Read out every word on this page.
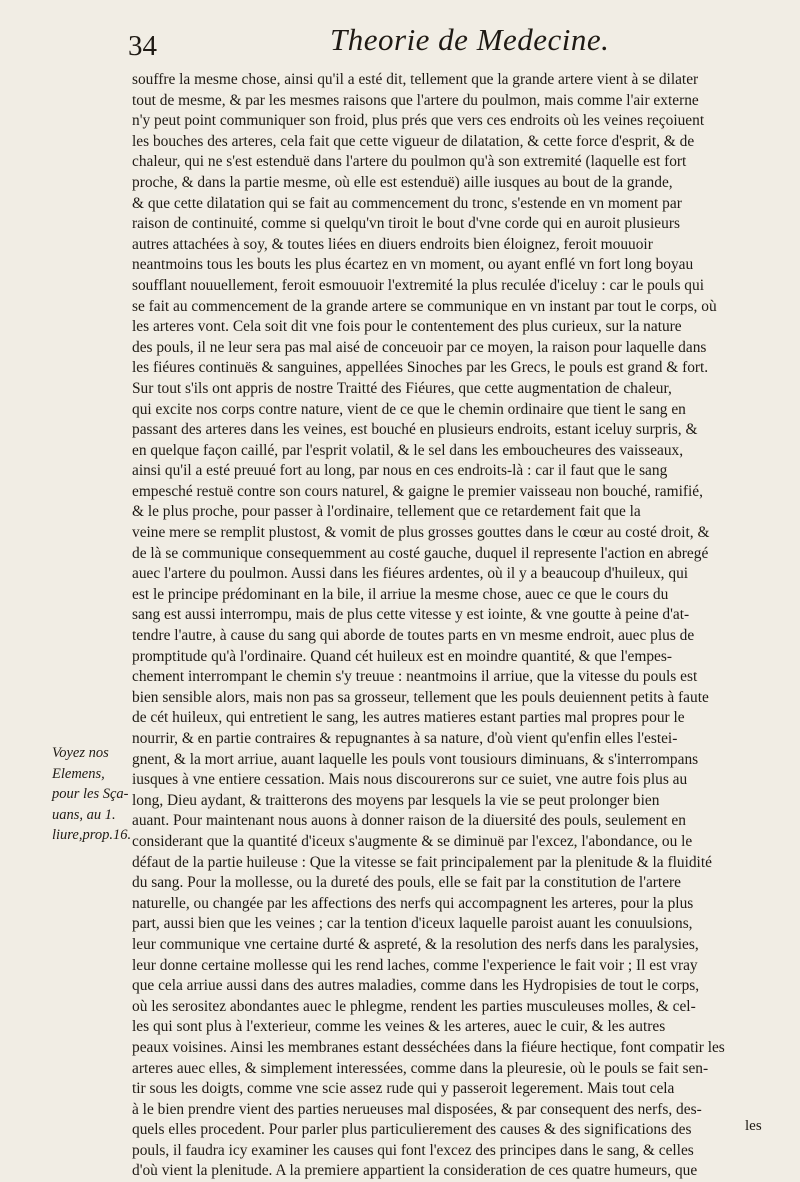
34	Theorie de Medecine.
souffre la mesme chose, ainsi qu'il a esté dit, tellement que la grande artere vient à se dilater
tout de mesme, & par les mesmes raisons que l'artere du poulmon, mais comme l'air externe
n'y peut point communiquer son froid, plus prés que vers ces endroits où les veines reçoiuent
les bouches des arteres, cela fait que cette vigueur de dilatation, & cette force d'esprit, & de
chaleur, qui ne s'est estenduë dans l'artere du poulmon qu'à son extremité (laquelle est fort
proche, & dans la partie mesme, où elle est estenduë) aille iusques au bout de la grande,
& que cette dilatation qui se fait au commencement du tronc, s'estende en vn moment par
raison de continuité, comme si quelqu'vn tiroit le bout d'vne corde qui en auroit plusieurs
autres attachées à soy, & toutes liées en diuers endroits bien éloignez, feroit mouuoir
neantmoins tous les bouts les plus écartez en vn moment, ou ayant enflé vn fort long boyau
soufflant nouuellement, feroit esmouuoir l'extremité la plus reculée d'iceluy : car le pouls qui
se fait au commencement de la grande artere se communique en vn instant par tout le corps, où
les arteres vont. Cela soit dit vne fois pour le contentement des plus curieux, sur la nature
des pouls, il ne leur sera pas mal aisé de conceuoir par ce moyen, la raison pour laquelle dans
les fiéures continuës & sanguines, appellées Sinoches par les Grecs, le pouls est grand & fort.
Sur tout s'ils ont appris de nostre Traitté des Fiéures, que cette augmentation de chaleur,
qui excite nos corps contre nature, vient de ce que le chemin ordinaire que tient le sang en
passant des arteres dans les veines, est bouché en plusieurs endroits, estant iceluy surpris, &
en quelque façon caillé, par l'esprit volatil, & le sel dans les embouchеures des vaisseaux,
ainsi qu'il a esté preuué fort au long, par nous en ces endroits-là : car il faut que le sang
empesché restuë contre son cours naturel, & gaigne le premier vaisseau non bouché, ramifié,
& le plus proche, pour passer à l'ordinaire, tellement que ce retardement fait que la
veine mere se remplit plustost, & vomit de plus grosses gouttes dans le cœur au costé droit, &
de là se communique consequemment au costé gauche, duquel il represente l'action en abregé
auec l'artere du poulmon. Aussi dans les fiéures ardentes, où il y a beaucoup d'huileux, qui
est le principe prédominant en la bile, il arriue la mesme chose, auec ce que le cours du
sang est aussi interrompu, mais de plus cette vitesse y est iointe, & vne goutte à peine d'at-
tendre l'autre, à cause du sang qui aborde de toutes parts en vn mesme endroit, auec plus de
promptitude qu'à l'ordinaire. Quand cét huileux est en moindre quantité, & que l'empes-
chement interrompant le chemin s'y treuue : neantmoins il arriue, que la vitesse du pouls est
bien sensible alors, mais non pas sa grosseur, tellement que les pouls deuiennent petits à faute
de cét huileux, qui entretient le sang, les autres matieres estant parties mal propres pour le
nourrir, & en partie contraires & repugnantes à sa nature, d'où vient qu'enfin elles l'estei-
gnent, & la mort arriue, auant laquelle les pouls vont tousiours diminuans, & s'interrompans
iusques à vne entiere cessation. Mais nous discourerons sur ce suiet, vne autre fois plus au
long, Dieu aydant, & traitterons des moyens par lesquels la vie se peut prolonger bien
auant. Pour maintenant nous auons à donner raison de la diuersité des pouls, seulement en
considerant que la quantité d'iceux s'augmente & se diminuë par l'excez, l'abondance, ou le
défaut de la partie huileuse : Que la vitesse se fait principalement par la plenitude & la fluidité
du sang. Pour la mollesse, ou la dureté des pouls, elle se fait par la constitution de l'artere
naturelle, ou changée par les affections des nerfs qui accompagnent les arteres, pour la plus
part, aussi bien que les veines ; car la tention d'iceux laquelle paroist auant les conuulsions,
leur communique vne certaine durté & aspreté, & la resolution des nerfs dans les paralysies,
leur donne certaine mollesse qui les rend laches, comme l'experience le fait voir ; Il est vray
que cela arriue aussi dans des autres maladies, comme dans les Hydropisies de tout le corps,
où les serositez abondantes auec le phlegme, rendent les parties musculeuses molles, & cel-
les qui sont plus à l'exterieur, comme les veines & les arteres, auec le cuir, & les autres
peaux voisines. Ainsi les membranes estant desséchées dans la fiéure hectique, font compatir les
arteres auec elles, & simplement interessées, comme dans la pleuresie, où le pouls se fait sen-
tir sous les doigts, comme vne scie assez rude qui y passeroit legerement. Mais tout cela
à le bien prendre vient des parties nerueuses mal disposées, & par consequent des nerfs, des-
quels elles procedent. Pour parler plus particulierement des causes & des significations des
pouls, il faudra icy examiner les causes qui font l'excez des principes dans le sang, & celles
d'où vient la plenitude. A la premiere appartient la consideration de ces quatre humeurs, que
Voyez nos
Elemens,
pour les Sça-
uans, au 1.
liure,prop.16.
les
